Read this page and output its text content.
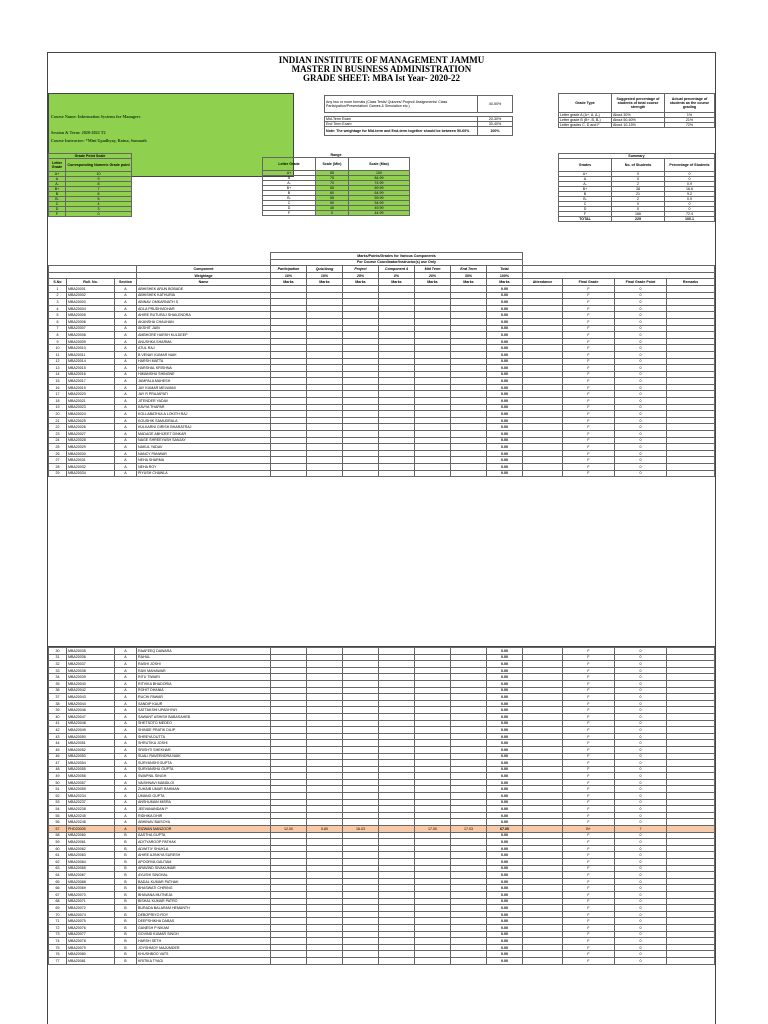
INDIAN INSTITUTE OF MANAGEMENT JAMMU
MASTER IN BUSINESS ADMINISTRATION
GRADE SHEET: MBA Ist Year- 2020-22
Course Name: Information Systems for Managers
Session & Term: 2020-2022 T2
Course Instructor: *Mini Upadhyay, Ratna, Somnath
Any two or more formats (Class Tests/ Quizzes/ Project/ Assignments/ Class Participation/Presentation/ Games & Simulation etc.)	40-50%

Mid-Term Exam	20-30%
End Term Exam	30-40%
Note: The weightage for Mid-term and End-term together should be between 50-60%	100%
Grade Type	Suggested percentage of students of total course strength	Actual percentage of students as the course grading
Letter grade A (A+, A, A-)	About 30%	1%
Letter grade B (B+, B, B-)	About 50-60%	21%
Letter grades C, D and F	About 10-15%	72%
Grade Point Scale	
Letter Grade	Corresponding Numeric Grade point
A+	10
A	9
A-	8
B+	7
B	6
B-	5
C	4
D	3
F	0
Range		
Letter Grade	Scale (Min)	Scale (Max)
A+	85	100
A	75	84.99
A-	70	74.99
B+	65	69.99
B	60	64.99
B-	55	59.99
C	50	54.99
D	45	49.99
F	0	44.99
Summary		
Grades	No. of Students	Percentage of Students
A+	0	0
A	0	0
A-	2	0.9
B+	38	16.6
B	21	9.2
B-	2	0.9
C	0	0
D	0	0
F	166	72.4
TOTAL	229	100.1
				Marks/Points/Grades for Various Components										
				For Course Coordinator/Instructor(s) use Only										
			Component	Participation	Quiz/Assg	Project	Component 4	Mid Term	End Term	Total				
			Weightage	10%	10%	25%	0%	20%	35%	100%				
S.No	Roll. No.	Section	Name	Marks	Marks	Marks	Marks	Marks	Marks	Marks	Attendance	Final Grade	Final Grade Point	Remarks
1	MBA20001	A	ABHISHEK ARUN BOBADE							0.00		F	0	
2	MBA20002	A	ABHISHEK KATHURIA							0.00		F	0	
3	MBA20003	A	ABINAV OMKARNATH S							0.00		F	0	
4	MBA20004	A	ADLA PRUDHVIDHAR							0.00		F	0	
5	MBA20005	A	AHIRE RUTURAJ SHAILENDRA							0.00		F	0	
6	MBA20006	A	AKANSHA CHAUHAN							0.00		F	0	
7	MBA20007	A	AKSHIT JAIN							0.00		F	0	
8	MBA20008	A	AMBHORE HARSH KULDEEP							0.00		F	0	
9	MBA20009	A	ANUSHKA SHARMA							0.00		F	0	
10	MBA20010	A	ATUL RAJ							0.00		F	0	
11	MBA20011	A	B VENAY KUMAR NAIK							0.00		F	0	
12	MBA20014	A	HARSH MATTA							0.00		F	0	
13	MBA20015	A	HARSHAL KRISHNA							0.00		F	0	
14	MBA20016	A	HIMANSHU SHINGNE							0.00		F	0	
15	MBA20017	A	JAMPALA MAHESH							0.00		F	0	
16	MBA20019	A	JAY KUMAR MELWANI							0.00		F	0	
17	MBA20020	A	JAY R PRAJAPATI							0.00		F	0	
18	MBA20021	A	JITENDER YADAV							0.00		F	0	
19	MBA20023	A	KAVYA THAPAR							0.00		F	0	
20	MBA20024	A	KOLLABATHULA LOKITH RAJ							0.00		F	0	
21	MBA20025	A	KOUSHIK SAMUDRALA							0.00		F	0	
22	MBA20026	A	KULKARNI GIRISH BHARATRAJ							0.00		F	0	
23	MBA20027	A	MADAGE ABHIJEET DINKAR							0.00		F	0	
24	MBA20028	A	NAGE SHREEYASH SANJAY							0.00		F	0	
25	MBA20029	A	NAKUL YADAV							0.00		F	0	
26	MBA20030	A	NANCY PANWAR							0.00		F	0	
27	MBA20031	A	NEHA SHARMA							0.00		F	0	
28	MBA20032	A	NEHA ROY							0.00		F	0	
29	MBA20034	A	PIYUSH CHAWLA							0.00		F	0	
30	MBA20035	A	RAAFEEQ DAWARA							0.00		F	0	
31	MBA20036	A	RAHUL							0.00		F	0	
32	MBA20037	A	RASHI JOSHI							0.00		F	0	
33	MBA20038	A	RAVI MAHAWAR							0.00		F	0	
34	MBA20039	A	RITU TIWARI							0.00		F	0	
35	MBA20040	A	RITVIKA BHADORIA							0.00		F	0	
36	MBA20042	A	ROHIT DHANIA							0.00		F	0	
37	MBA20043	A	RUCHI PAWAR							0.00		F	0	
38	MBA20044	A	SANDIP KAUR							0.00		F	0	
39	MBA20046	A	SATTAKSHI UPADHYAY							0.00		F	0	
40	MBA20047	A	SAWANT ASHISH BABASAHEB							0.00		F	0	
41	MBA20048	A	SHETSOTO MEDEO							0.00		F	0	
42	MBA20049	A	SHINDE PRATIK DILIP							0.00		F	0	
43	MBA20050	A	SHREYA DUTTA							0.00		F	0	
44	MBA20051	A	SHRUTIKA JOSHI							0.00		F	0	
45	MBA20052	A	SRISHTI SHEKHAR							0.00		F	0	
46	MBA20053	A	SUALI RAVEENDRA NAIK							0.00		F	0	
47	MBA20054	A	SURYANSHI GUPTA							0.00		F	0	
48	MBA20055	A	SURYANSHU GUPTA							0.00		F	0	
49	MBA20056	A	SWAPNIL SINGH							0.00		F	0	
50	MBA20057	A	VAISHNAVI MANDLOI							0.00		F	0	
51	MBA20059	A	ZUHAIB UMAR RAHMAN							0.00		F	0	
52	MBA20234	A	UMANG GUPTA							0.00		F	0	
53	MBA20237	A	ANSHUMAN MISRA							0.00		F	0	
54	MBA20238	A	JEEVANANDAN P							0.00		F	0	
55	MBA20245	A	RIDHIKA DHIR							0.00		F	0	
56	MBA20248	A	ABHINAV BAISOYA							0.00		F	0	
57	PHD20005	A	RIZWAN MANZOOR	12.00	5.80	16.03		17.00	17.03	67.00		B+	7	
58	MBA20060	B	AASTHA GUPTA							0.00		F	0	
59	MBA20061	B	ADITYAROOP PATHAK							0.00		F	0	
60	MBA20062	B	ADWITIY SHUKLA							0.00		F	0	
61	MBA20063	B	AHIRE AJINKYA SURESH							0.00		F	0	
62	MBA20064	B	APOORVA GAUTAM							0.00		F	0	
63	MBA20065	B	ARAVIND SIVAKUMAR							0.00		F	0	
64	MBA20067	B	AYUSHI SINGHAL							0.00		F	0	
65	MBA20068	B	BADAL KUMAR PATHAK							0.00		F	0	
66	MBA20069	B	BHASWATI CHIRING							0.00		F	0	
67	MBA20070	B	BHAVANA MUTNEJA							0.00		F	0	
68	MBA20071	B	BISHAL KUMAR PATRO							0.00		F	0	
69	MBA20072	B	BURADA BALARAM HEMANTH							0.00		F	0	
70	MBA20074	B	DEBOPRIYO ROY							0.00		F	0	
71	MBA20075	B	DEEPSHIKHA DABAS							0.00		F	0	
72	MBA20076	B	GANESH P NIKAM							0.00		F	0	
73	MBA20077	B	GOVIND KUMAR SINGH							0.00		F	0	
74	MBA20078	B	HARSH SETH							0.00		F	0	
75	MBA20079	B	JOYSHMOY MAJUMDER							0.00		F	0	
76	MBA20080	B	KHUSHBOO VATS							0.00		F	0	
77	MBA20081	B	KRITIKA TYAGI							0.00		F	0	
